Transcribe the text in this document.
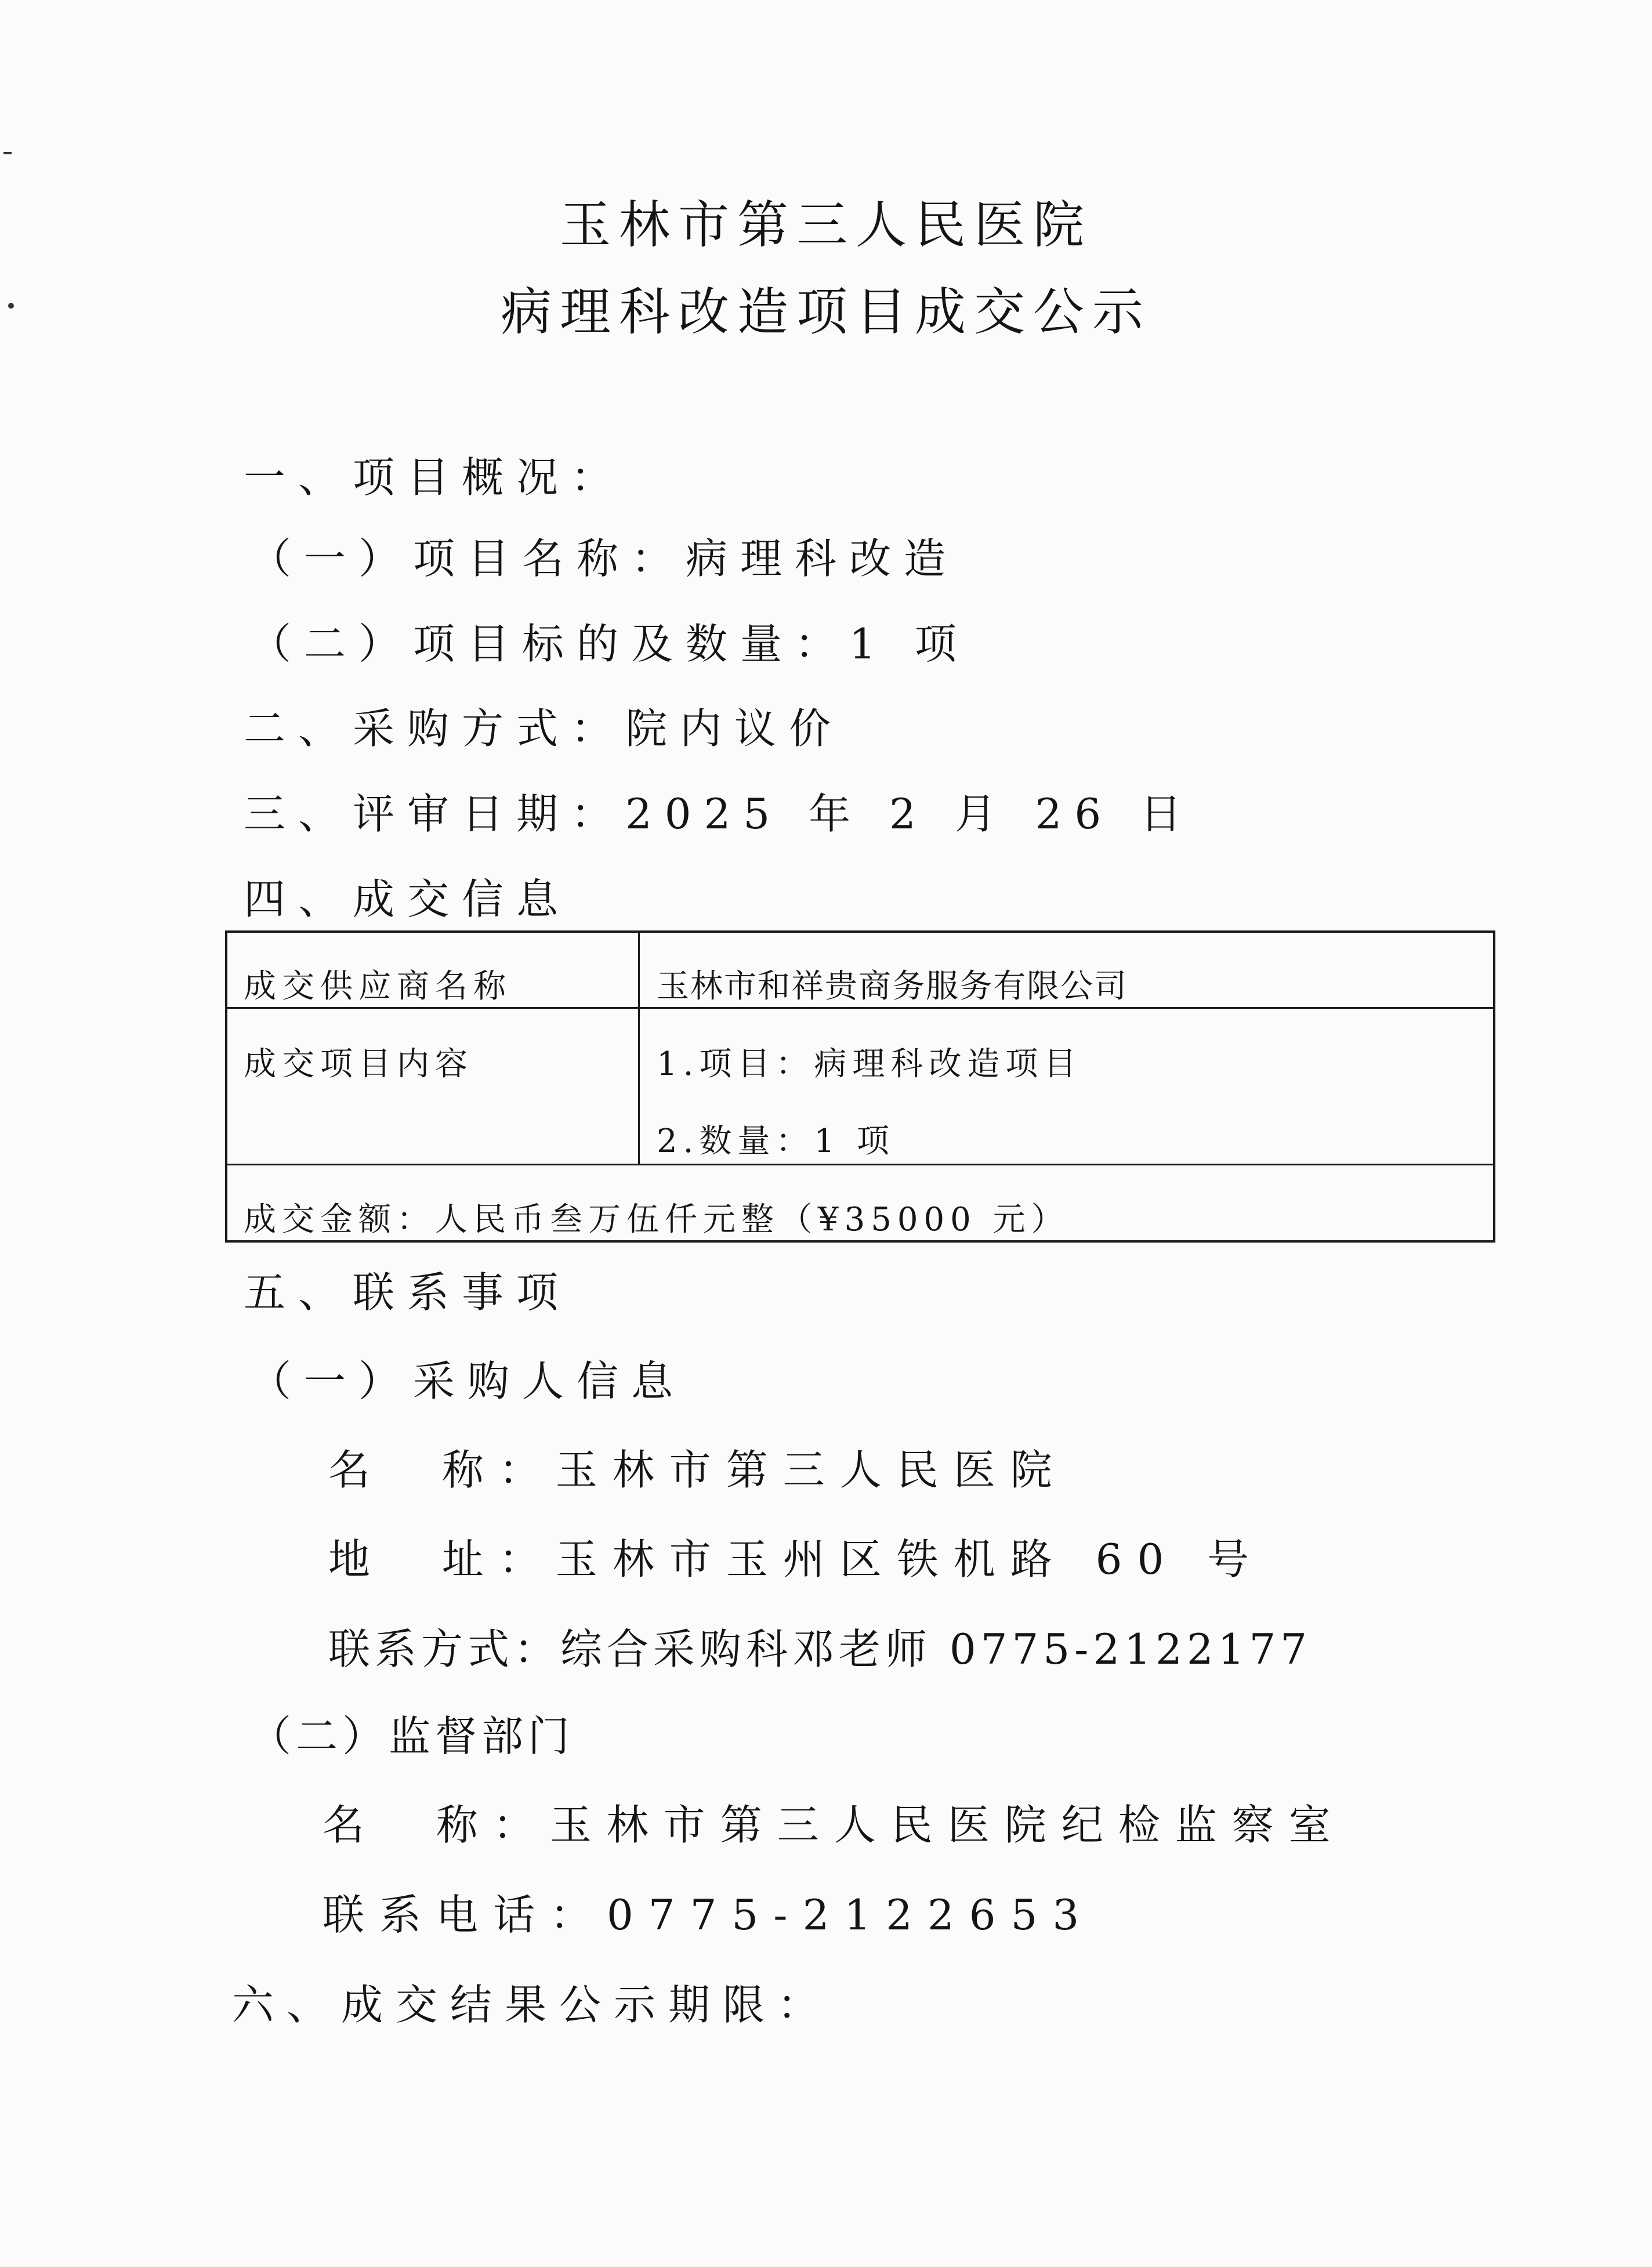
玉林市第三人民医院
病理科改造项目成交公示
一、项目概况：
（一）项目名称：病理科改造
（二）项目标的及数量：1 项
二、采购方式：院内议价
三、评审日期：2025 年 2 月 26 日
四、成交信息
成交供应商名称	玉林市和祥贵商务服务有限公司
成交项目内容	1.项目：病理科改造项目
2.数量：1 项
成交金额：人民币叁万伍仟元整（¥35000 元）
五、联系事项
（一）采购人信息
名  称：玉林市第三人民医院
地  址：玉林市玉州区铁机路 60 号
联系方式：综合采购科邓老师 0775-2122177
（二）监督部门
名  称：玉林市第三人民医院纪检监察室
联系电话：0775-2122653
六、成交结果公示期限：
